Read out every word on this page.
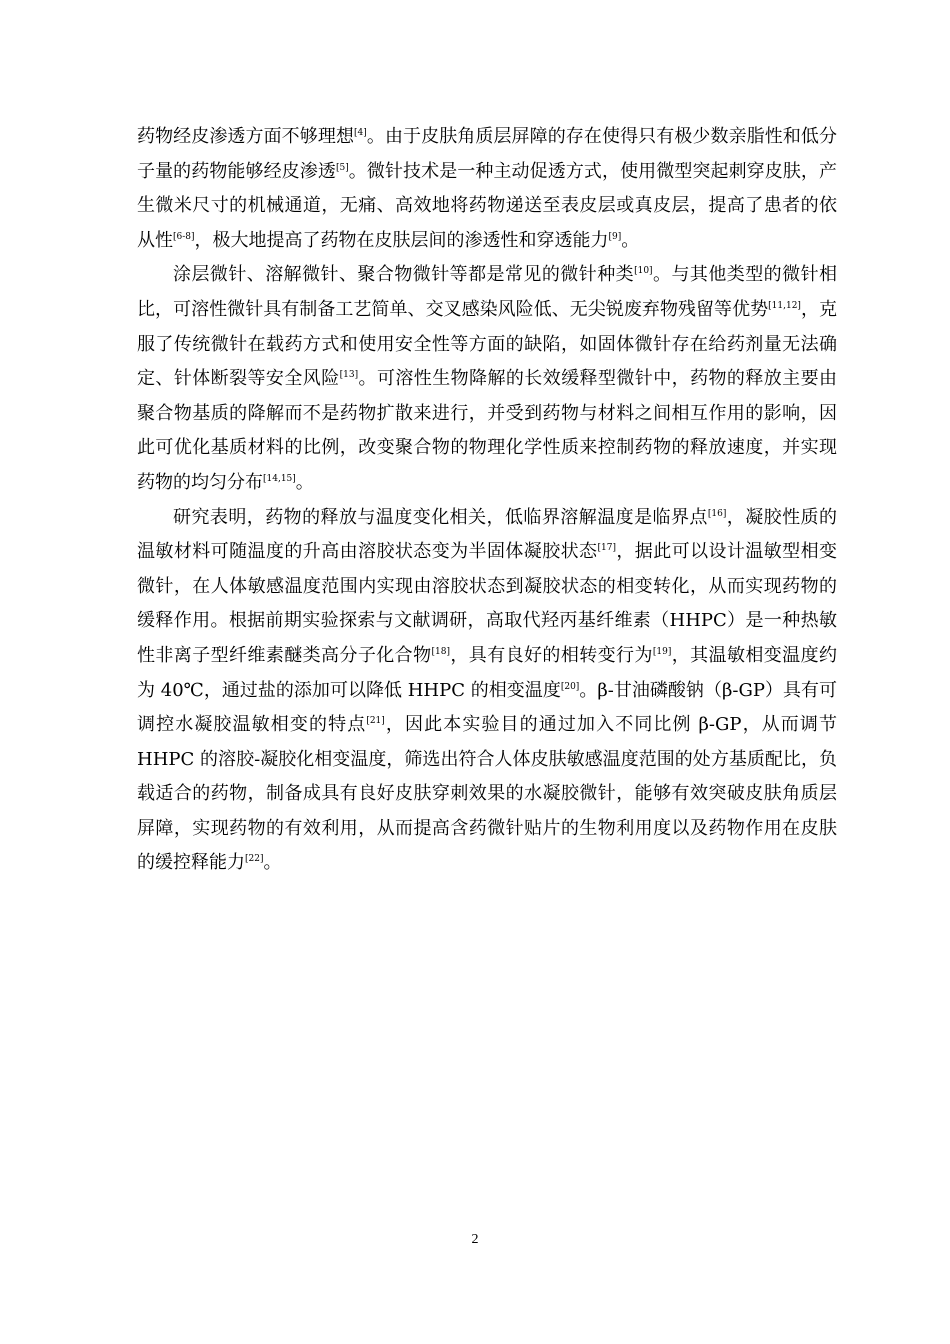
药物经皮渗透方面不够理想[4]。由于皮肤角质层屏障的存在使得只有极少数亲脂性和低分子量的药物能够经皮渗透[5]。微针技术是一种主动促透方式，使用微型突起刺穿皮肤，产生微米尺寸的机械通道，无痛、高效地将药物递送至表皮层或真皮层，提高了患者的依从性[6-8]，极大地提高了药物在皮肤层间的渗透性和穿透能力[9]。

涂层微针、溶解微针、聚合物微针等都是常见的微针种类[10]。与其他类型的微针相比，可溶性微针具有制备工艺简单、交叉感染风险低、无尖锐废弃物残留等优势[11,12]，克服了传统微针在载药方式和使用安全性等方面的缺陷，如固体微针存在给药剂量无法确定、针体断裂等安全风险[13]。可溶性生物降解的长效缓释型微针中，药物的释放主要由聚合物基质的降解而不是药物扩散来进行，并受到药物与材料之间相互作用的影响，因此可优化基质材料的比例，改变聚合物的物理化学性质来控制药物的释放速度，并实现药物的均匀分布[14,15]。

研究表明，药物的释放与温度变化相关，低临界溶解温度是临界点[16]，凝胶性质的温敏材料可随温度的升高由溶胶状态变为半固体凝胶状态[17]，据此可以设计温敏型相变微针，在人体敏感温度范围内实现由溶胶状态到凝胶状态的相变转化，从而实现药物的缓释作用。根据前期实验探索与文献调研，高取代羟丙基纤维素（HHPC）是一种热敏性非离子型纤维素醚类高分子化合物[18]，具有良好的相转变行为[19]，其温敏相变温度约为 40℃，通过盐的添加可以降低 HHPC 的相变温度[20]。β-甘油磷酸钠（β-GP）具有可调控水凝胶温敏相变的特点[21]，因此本实验目的通过加入不同比例 β-GP，从而调节 HHPC 的溶胶-凝胶化相变温度，筛选出符合人体皮肤敏感温度范围的处方基质配比，负载适合的药物，制备成具有良好皮肤穿刺效果的水凝胶微针，能够有效突破皮肤角质层屏障，实现药物的有效利用，从而提高含药微针贴片的生物利用度以及药物作用在皮肤的缓控释能力[22]。

2
